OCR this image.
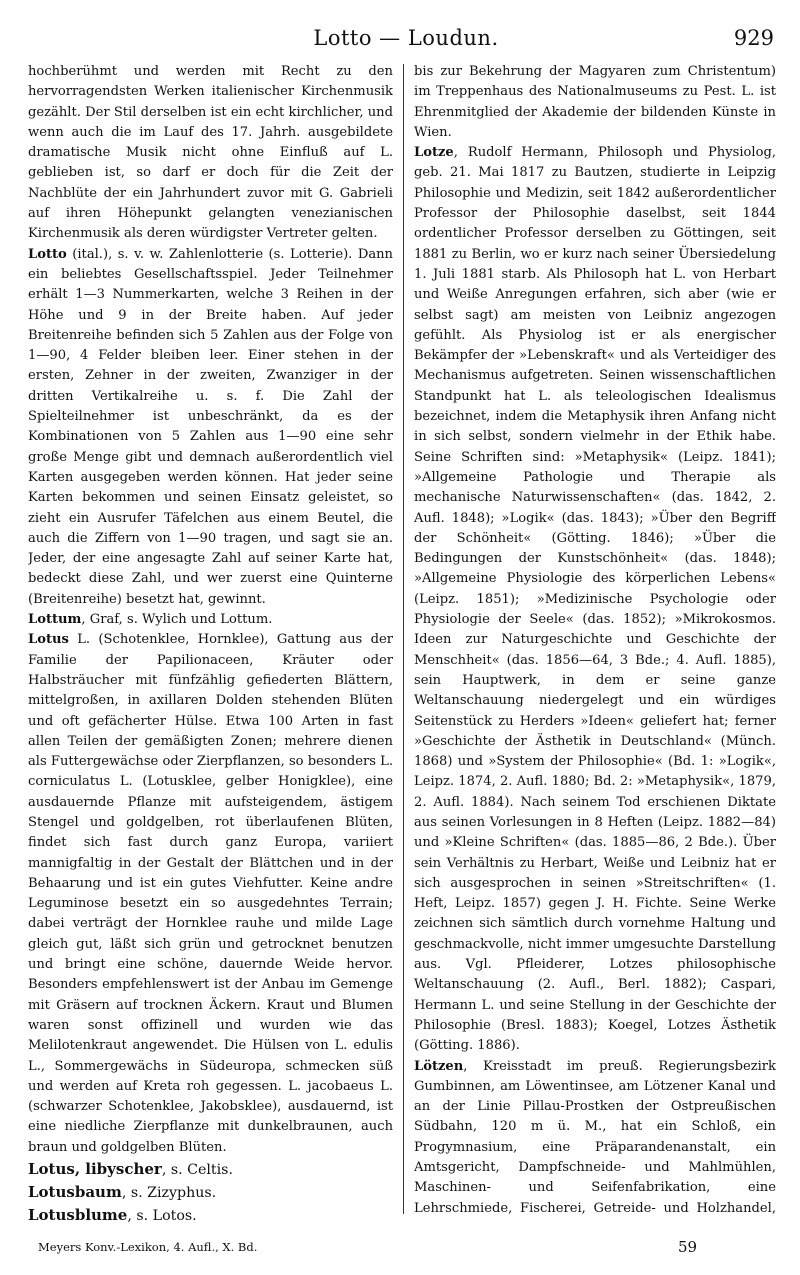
Lotto — Loudun.	929

hochberühmt und werden mit Recht zu den hervorragendsten Werken italienischer Kirchenmusik gezählt. Der Stil derselben ist ein echt kirchlicher, und wenn auch die im Lauf des 17. Jahrh. ausgebildete dramatische Musik nicht ohne Einfluß auf L. geblieben ist, so darf er doch für die Zeit der Nachblüte der ein Jahrhundert zuvor mit G. Gabrieli auf ihren Höhepunkt gelangten venezianischen Kirchenmusik als deren würdigster Vertreter gelten.

Lotto (ital.), s. v. w. Zahlenlotterie (s. Lotterie). Dann ein beliebtes Gesellschaftsspiel. Jeder Teilnehmer erhält 1—3 Nummerkarten, welche 3 Reihen in der Höhe und 9 in der Breite haben. Auf jeder Breitenreihe befinden sich 5 Zahlen aus der Folge von 1—90, 4 Felder bleiben leer. Einer stehen in der ersten, Zehner in der zweiten, Zwanziger in der dritten Vertikalreihe u. s. f. Die Zahl der Spielteilnehmer ist unbeschränkt, da es der Kombinationen von 5 Zahlen aus 1—90 eine sehr große Menge gibt und demnach außerordentlich viel Karten ausgegeben werden können. Hat jeder seine Karten bekommen und seinen Einsatz geleistet, so zieht ein Ausrufer Täfelchen aus einem Beutel, die auch die Ziffern von 1—90 tragen, und sagt sie an. Jeder, der eine angesagte Zahl auf seiner Karte hat, bedeckt diese Zahl, und wer zuerst eine Quinterne (Breitenreihe) besetzt hat, gewinnt.

Lottum, Graf, s. Wylich und Lottum.

Lotus L. (Schotenklee, Hornklee), Gattung aus der Familie der Papilionaceen, Kräuter oder Halbsträucher mit fünfzählig gefiederten Blättern, mittelgroßen, in axillaren Dolden stehenden Blüten und oft gefächerter Hülse. Etwa 100 Arten in fast allen Teilen der gemäßigten Zonen; mehrere dienen als Futtergewächse oder Zierpflanzen, so besonders L. corniculatus L. (Lotusklee, gelber Honigklee), eine ausdauernde Pflanze mit aufsteigendem, ästigem Stengel und goldgelben, rot überlaufenen Blüten, findet sich fast durch ganz Europa, variiert mannigfaltig in der Gestalt der Blättchen und in der Behaarung und ist ein gutes Viehfutter. Keine andre Leguminose besetzt ein so ausgedehntes Terrain; dabei verträgt der Hornklee rauhe und milde Lage gleich gut, läßt sich grün und getrocknet benutzen und bringt eine schöne, dauernde Weide hervor. Besonders empfehlenswert ist der Anbau im Gemenge mit Gräsern auf trocknen Äckern. Kraut und Blumen waren sonst offizinell und wurden wie das Melilotenkraut angewendet. Die Hülsen von L. edulis L., Sommergewächs in Südeuropa, schmecken süß und werden auf Kreta roh gegessen. L. jacobaeus L. (schwarzer Schotenklee, Jakobsklee), ausdauernd, ist eine niedliche Zierpflanze mit dunkelbraunen, auch braun und goldgelben Blüten.

Lotus, libyscher, s. Celtis.

Lotusbaum, s. Zizyphus.

Lotusblume, s. Lotos.

bis zur Bekehrung der Magyaren zum Christentum) im Treppenhaus des Nationalmuseums zu Pest. L. ist Ehrenmitglied der Akademie der bildenden Künste in Wien.

Lotze, Rudolf Hermann, Philosoph und Physiolog, geb. 21. Mai 1817 zu Bautzen, studierte in Leipzig Philosophie und Medizin, seit 1842 außerordentlicher Professor der Philosophie daselbst, seit 1844 ordentlicher Professor derselben zu Göttingen, seit 1881 zu Berlin, wo er kurz nach seiner Übersiedelung 1. Juli 1881 starb. Als Philosoph hat L. von Herbart und Weiße Anregungen erfahren, sich aber (wie er selbst sagt) am meisten von Leibniz angezogen gefühlt. Als Physiolog ist er als energischer Bekämpfer der »Lebenskraft« und als Verteidiger des Mechanismus aufgetreten. Seinen wissenschaftlichen Standpunkt hat L. als teleologischen Idealismus bezeichnet, indem die Metaphysik ihren Anfang nicht in sich selbst, sondern vielmehr in der Ethik habe. Seine Schriften sind: »Metaphysik« (Leipz. 1841); »Allgemeine Pathologie und Therapie als mechanische Naturwissenschaften« (das. 1842, 2. Aufl. 1848); »Logik« (das. 1843); »Über den Begriff der Schönheit« (Götting. 1846); »Über die Bedingungen der Kunstschönheit« (das. 1848); »Allgemeine Physiologie des körperlichen Lebens« (Leipz. 1851); »Medizinische Psychologie oder Physiologie der Seele« (das. 1852); »Mikrokosmos. Ideen zur Naturgeschichte und Geschichte der Menschheit« (das. 1856—64, 3 Bde.; 4. Aufl. 1885), sein Hauptwerk, in dem er seine ganze Weltanschauung niedergelegt und ein würdiges Seitenstück zu Herders »Ideen« geliefert hat; ferner »Geschichte der Ästhetik in Deutschland« (Münch. 1868) und »System der Philosophie« (Bd. 1: »Logik«, Leipz. 1874, 2. Aufl. 1880; Bd. 2: »Metaphysik«, 1879, 2. Aufl. 1884). Nach seinem Tod erschienen Diktate aus seinen Vorlesungen in 8 Heften (Leipz. 1882—84) und »Kleine Schriften« (das. 1885—86, 2 Bde.). Über sein Verhältnis zu Herbart, Weiße und Leibniz hat er sich ausgesprochen in seinen »Streitschriften« (1. Heft, Leipz. 1857) gegen J. H. Fichte. Seine Werke zeichnen sich sämtlich durch vornehme Haltung und geschmackvolle, nicht immer umgesuchte Darstellung aus. Vgl. Pfleiderer, Lotzes philosophische Weltanschauung (2. Aufl., Berl. 1882); Caspari, Hermann L. und seine Stellung in der Geschichte der Philosophie (Bresl. 1883); Koegel, Lotzes Ästhetik (Götting. 1886).

Lötzen, Kreisstadt im preuß. Regierungsbezirk Gumbinnen, am Löwentinsee, am Lötzener Kanal und an der Linie Pillau-Prostken der Ostpreußischen Südbahn, 120 m ü. M., hat ein Schloß, ein Progymnasium, eine Präparandenanstalt, ein Amtsgericht, Dampfschneide- und Mahlmühlen, Maschinen- und Seifenfabrikation, eine Lehrschmiede, Fischerei, Getreide- und Holzhandel,

Meyers Konv.-Lexikon, 4. Aufl., X. Bd.	59
